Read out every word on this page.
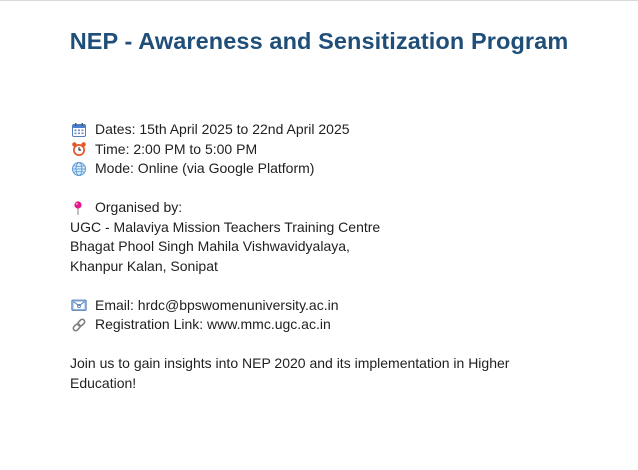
NEP - Awareness and Sensitization Program
Dates: 15th April 2025 to 22nd April 2025
Time: 2:00 PM to 5:00 PM
Mode: Online (via Google Platform)
Organised by:
UGC - Malaviya Mission Teachers Training Centre
Bhagat Phool Singh Mahila Vishwavidyalaya,
Khanpur Kalan, Sonipat
Email: hrdc@bpswomenuniversity.ac.in
Registration Link: www.mmc.ugc.ac.in
Join us to gain insights into NEP 2020 and its implementation in Higher Education!
